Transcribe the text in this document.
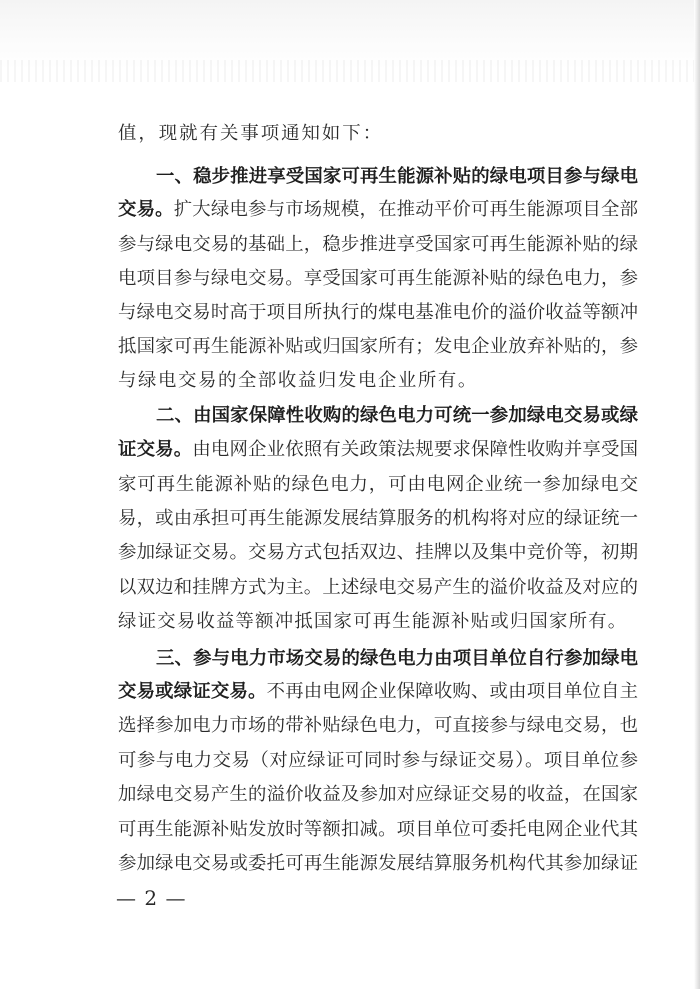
值，现就有关事项通知如下：
一、稳步推进享受国家可再生能源补贴的绿电项目参与绿电
交易。扩大绿电参与市场规模，在推动平价可再生能源项目全部
参与绿电交易的基础上，稳步推进享受国家可再生能源补贴的绿
电项目参与绿电交易。享受国家可再生能源补贴的绿色电力，参
与绿电交易时高于项目所执行的煤电基准电价的溢价收益等额冲
抵国家可再生能源补贴或归国家所有；发电企业放弃补贴的，参
与绿电交易的全部收益归发电企业所有。
二、由国家保障性收购的绿色电力可统一参加绿电交易或绿
证交易。由电网企业依照有关政策法规要求保障性收购并享受国
家可再生能源补贴的绿色电力，可由电网企业统一参加绿电交
易，或由承担可再生能源发展结算服务的机构将对应的绿证统一
参加绿证交易。交易方式包括双边、挂牌以及集中竞价等，初期
以双边和挂牌方式为主。上述绿电交易产生的溢价收益及对应的
绿证交易收益等额冲抵国家可再生能源补贴或归国家所有。
三、参与电力市场交易的绿色电力由项目单位自行参加绿电
交易或绿证交易。不再由电网企业保障收购、或由项目单位自主
选择参加电力市场的带补贴绿色电力，可直接参与绿电交易，也
可参与电力交易（对应绿证可同时参与绿证交易）。项目单位参
加绿电交易产生的溢价收益及参加对应绿证交易的收益，在国家
可再生能源补贴发放时等额扣减。项目单位可委托电网企业代其
参加绿电交易或委托可再生能源发展结算服务机构代其参加绿证
— 2 —
